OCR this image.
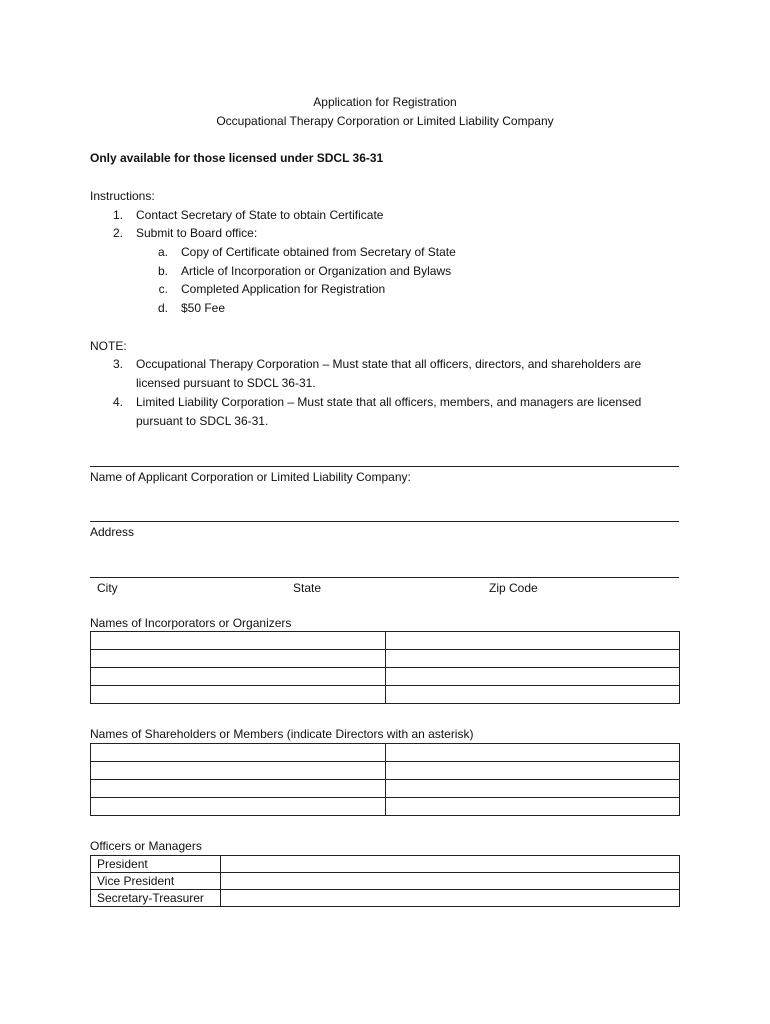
Application for Registration
Occupational Therapy Corporation or Limited Liability Company
Only available for those licensed under SDCL 36-31
Instructions:
1. Contact Secretary of State to obtain Certificate
2. Submit to Board office:
a. Copy of Certificate obtained from Secretary of State
b. Article of Incorporation or Organization and Bylaws
c. Completed Application for Registration
d. $50 Fee
NOTE:
3. Occupational Therapy Corporation – Must state that all officers, directors, and shareholders are
licensed pursuant to SDCL 36-31.
4. Limited Liability Corporation – Must state that all officers, members, and managers are licensed
pursuant to SDCL 36-31.
Name of Applicant Corporation or Limited Liability Company:
Address
City	State	Zip Code
Names of Incorporators or Organizers

Names of Shareholders or Members (indicate Directors with an asterisk)

Officers or Managers
President	
Vice President	
Secretary-Treasurer	
